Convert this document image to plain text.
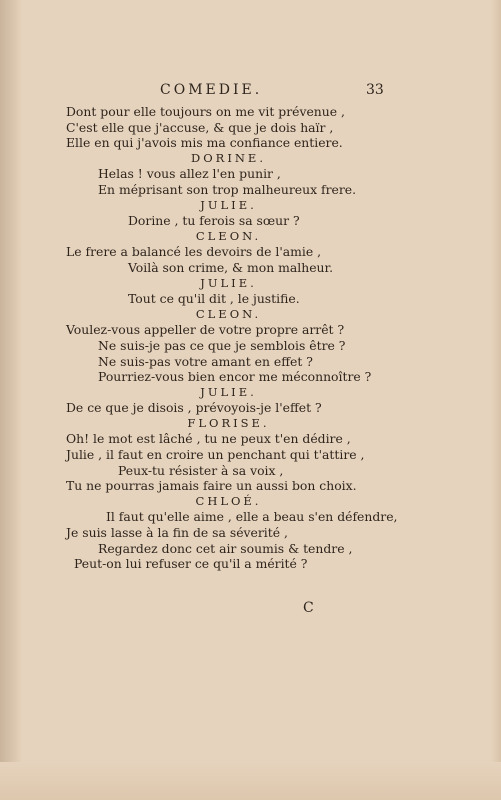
COMEDIE.	33
Dont pour elle toujours on me vit prévenue ,
C'est elle que j'accuse, & que je dois haïr ,
Elle en qui j'avois mis ma confiance entiere.
DORINE.
Helas ! vous allez l'en punir ,
En méprisant son trop malheureux frere.
JULIE.
Dorine , tu ferois sa sœur ?
CLEON.
Le frere a balancé les devoirs de l'amie ,
Voilà son crime, & mon malheur.
JULIE.
Tout ce qu'il dit , le justifie.
CLEON.
Voulez-vous appeller de votre propre arrêt ?
Ne suis-je pas ce que je semblois être ?
Ne suis-pas votre amant en effet ?
Pourriez-vous bien encor me méconnoître ?
JULIE.
De ce que je disois , prévoyois-je l'effet ?
FLORISE.
Oh! le mot est lâché , tu ne peux t'en dédire ,
Julie , il faut en croire un penchant qui t'attire ,
Peux-tu résister à sa voix ,
Tu ne pourras jamais faire un aussi bon choix.
CHLOÉ.
Il faut qu'elle aime , elle a beau s'en défendre,
Je suis lasse à la fin de sa séverité ,
Regardez donc cet air soumis & tendre ,
Peut-on lui refuser ce qu'il a mérité ?
C
